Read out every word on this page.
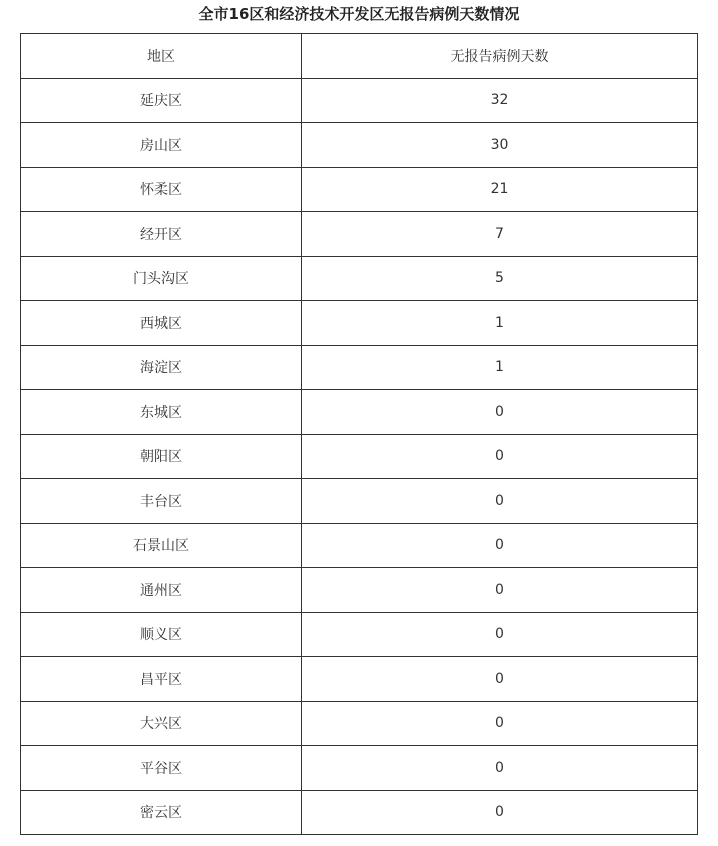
全市16区和经济技术开发区无报告病例天数情况
地区	无报告病例天数
延庆区	32
房山区	30
怀柔区	21
经开区	7
门头沟区	5
西城区	1
海淀区	1
东城区	0
朝阳区	0
丰台区	0
石景山区	0
通州区	0
顺义区	0
昌平区	0
大兴区	0
平谷区	0
密云区	0
